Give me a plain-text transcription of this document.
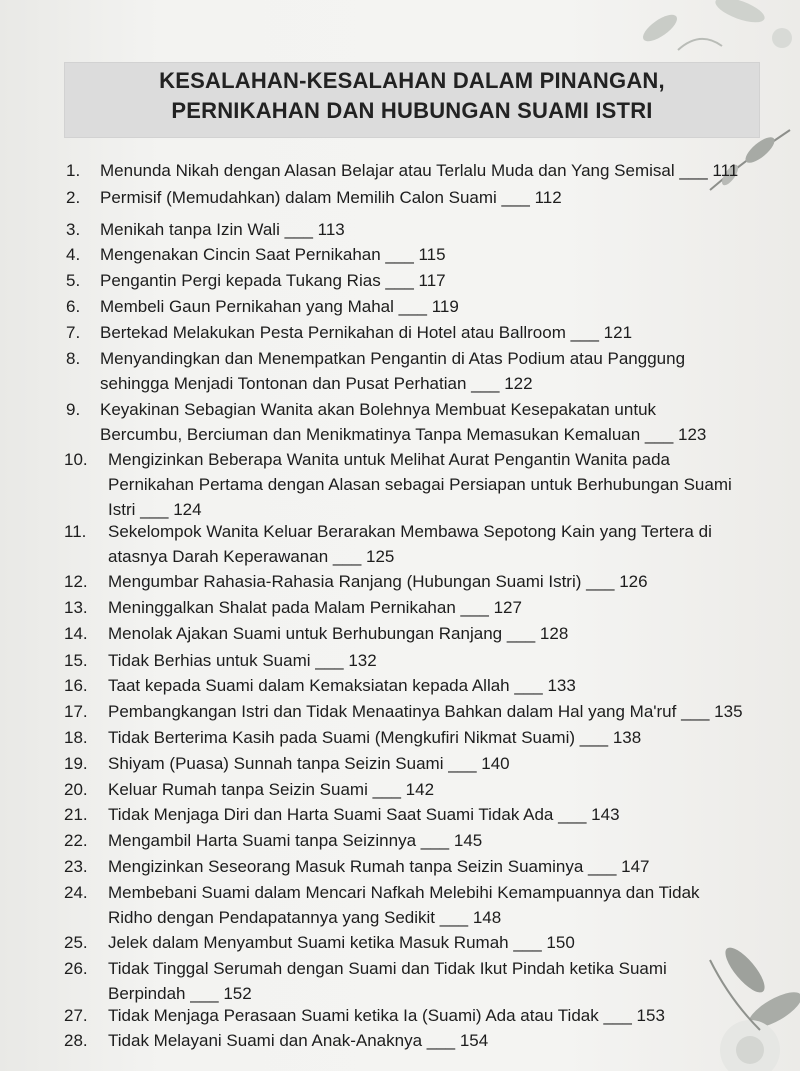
KESALAHAN-KESALAHAN DALAM PINANGAN,
PERNIKAHAN DAN HUBUNGAN SUAMI ISTRI
1. Menunda Nikah dengan Alasan Belajar atau Terlalu Muda dan Yang Semisal ___ 111
2. Permisif (Memudahkan) dalam Memilih Calon Suami ___ 112
3. Menikah tanpa Izin Wali ___ 113
4. Mengenakan Cincin Saat Pernikahan ___ 115
5. Pengantin Pergi kepada Tukang Rias ___ 117
6. Membeli Gaun Pernikahan yang Mahal ___ 119
7. Bertekad Melakukan Pesta Pernikahan di Hotel atau Ballroom ___ 121
8. Menyandingkan dan Menempatkan Pengantin di Atas Podium atau Panggung
sehingga Menjadi Tontonan dan Pusat Perhatian ___ 122
9. Keyakinan Sebagian Wanita akan Bolehnya Membuat Kesepakatan untuk
Bercumbu, Berciuman dan Menikmatinya Tanpa Memasukan Kemaluan ___ 123
10. Mengizinkan Beberapa Wanita untuk Melihat Aurat Pengantin Wanita pada
Pernikahan Pertama dengan Alasan sebagai Persiapan untuk Berhubungan Suami
Istri ___ 124
11. Sekelompok Wanita Keluar Berarakan Membawa Sepotong Kain yang Tertera di
atasnya Darah Keperawanan ___ 125
12. Mengumbar Rahasia-Rahasia Ranjang (Hubungan Suami Istri) ___ 126
13. Meninggalkan Shalat pada Malam Pernikahan ___ 127
14. Menolak Ajakan Suami untuk Berhubungan Ranjang ___ 128
15. Tidak Berhias untuk Suami ___ 132
16. Taat kepada Suami dalam Kemaksiatan kepada Allah ___ 133
17. Pembangkangan Istri dan Tidak Menaatinya Bahkan dalam Hal yang Ma'ruf ___ 135
18. Tidak Berterima Kasih pada Suami (Mengkufiri Nikmat Suami) ___ 138
19. Shiyam (Puasa) Sunnah tanpa Seizin Suami ___ 140
20. Keluar Rumah tanpa Seizin Suami ___ 142
21. Tidak Menjaga Diri dan Harta Suami Saat Suami Tidak Ada ___ 143
22. Mengambil Harta Suami tanpa Seizinnya ___ 145
23. Mengizinkan Seseorang Masuk Rumah tanpa Seizin Suaminya ___ 147
24. Membebani Suami dalam Mencari Nafkah Melebihi Kemampuannya dan Tidak
Ridho dengan Pendapatannya yang Sedikit ___ 148
25. Jelek dalam Menyambut Suami ketika Masuk Rumah ___ 150
26. Tidak Tinggal Serumah dengan Suami dan Tidak Ikut Pindah ketika Suami
Berpindah ___ 152
27. Tidak Menjaga Perasaan Suami ketika Ia (Suami) Ada atau Tidak ___ 153
28. Tidak Melayani Suami dan Anak-Anaknya ___ 154
